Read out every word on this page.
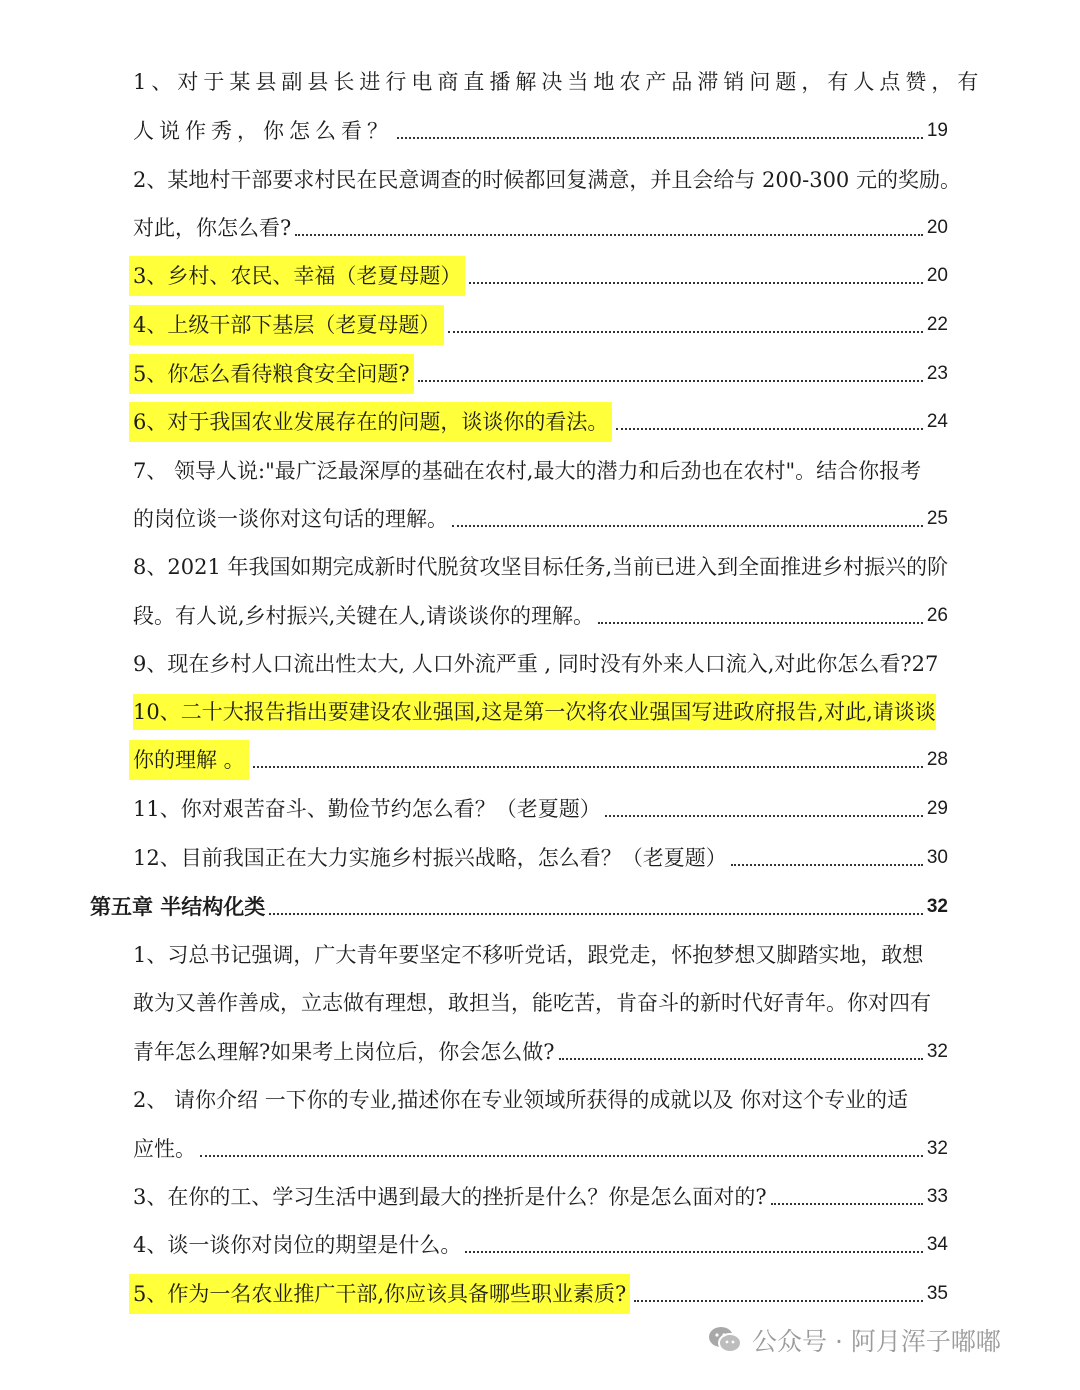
1、对于某县副县长进行电商直播解决当地农产品滞销问题，有人点赞，有
人说作秀，你怎么看？	19
2、某地村干部要求村民在民意调查的时候都回复满意，并且会给与 200-300 元的奖励。
对此，你怎么看?	20
3、乡村、农民、幸福（老夏母题）	20
4、上级干部下基层（老夏母题）	22
5、你怎么看待粮食安全问题?	23
6、对于我国农业发展存在的问题，谈谈你的看法。	24
7、 领导人说:"最广泛最深厚的基础在农村,最大的潜力和后劲也在农村"。结合你报考
的岗位谈一谈你对这句话的理解。	25
8、2021 年我国如期完成新时代脱贫攻坚目标任务,当前已进入到全面推进乡村振兴的阶
段。有人说,乡村振兴,关键在人,请谈谈你的理解。	26
9、现在乡村人口流出性太大, 人口外流严重 , 同时没有外来人口流入,对此你怎么看?27
10、二十大报告指出要建设农业强国,这是第一次将农业强国写进政府报告,对此,请谈谈
你的理解 。	28
11、你对艰苦奋斗、勤俭节约怎么看？（老夏题）	29
12、目前我国正在大力实施乡村振兴战略，怎么看？（老夏题）	30
第五章 半结构化类	32
1、习总书记强调，广大青年要坚定不移听党话，跟党走，怀抱梦想又脚踏实地，敢想
敢为又善作善成，立志做有理想，敢担当，能吃苦，肯奋斗的新时代好青年。你对四有
青年怎么理解?如果考上岗位后，你会怎么做?	32
2、 请你介绍 一下你的专业,描述你在专业领域所获得的成就以及 你对这个专业的适
应性。	32
3、在你的工、学习生活中遇到最大的挫折是什么？你是怎么面对的?	33
4、谈一谈你对岗位的期望是什么。	34
5、作为一名农业推广干部,你应该具备哪些职业素质?	35
公众号 · 阿月浑子嘟嘟
